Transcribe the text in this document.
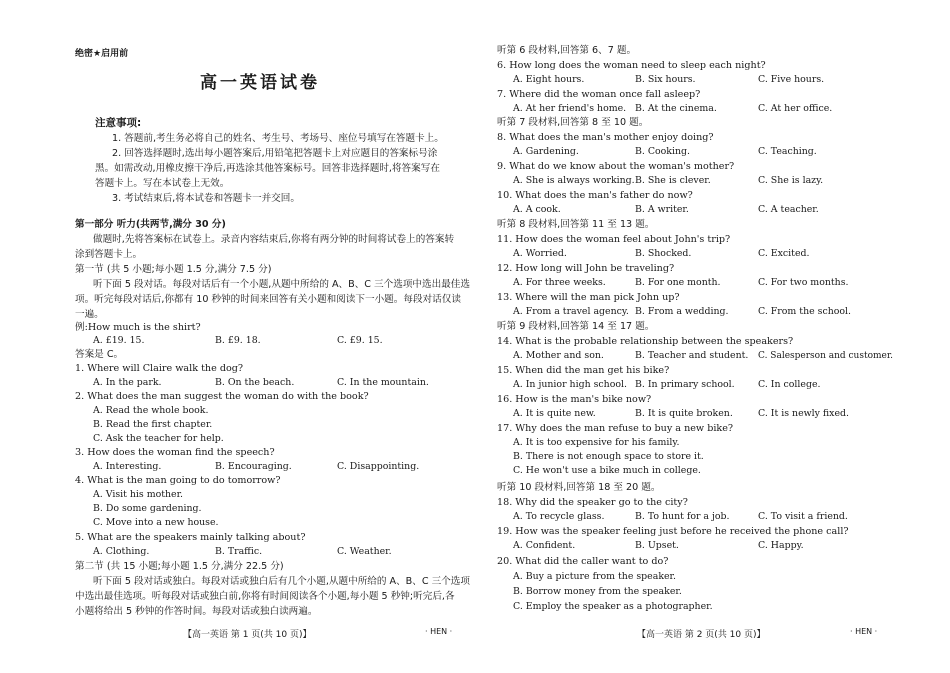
绝密★启用前
高一英语试卷
注意事项:
1. 答题前,考生务必将自己的姓名、考生号、考场号、座位号填写在答题卡上。
2. 回答选择题时,选出每小题答案后,用铅笔把答题卡上对应题目的答案标号涂
黑。如需改动,用橡皮擦干净后,再选涂其他答案标号。回答非选择题时,将答案写在
答题卡上。写在本试卷上无效。
3. 考试结束后,将本试卷和答题卡一并交回。
第一部分 听力(共两节,满分 30 分)
做题时,先将答案标在试卷上。录音内容结束后,你将有两分钟的时间将试卷上的答案转
涂到答题卡上。
第一节 (共 5 小题;每小题 1.5 分,满分 7.5 分)
听下面 5 段对话。每段对话后有一个小题,从题中所给的 A、B、C 三个选项中选出最佳选
项。听完每段对话后,你都有 10 秒钟的时间来回答有关小题和阅读下一小题。每段对话仅读
一遍。
例:How much is the shirt?
A. £19. 15.	B. £9. 18.	C. £9. 15.
答案是 C。
1. Where will Claire walk the dog?
A. In the park.	B. On the beach.	C. In the mountain.
2. What does the man suggest the woman do with the book?
A. Read the whole book.
B. Read the first chapter.
C. Ask the teacher for help.
3. How does the woman find the speech?
A. Interesting.	B. Encouraging.	C. Disappointing.
4. What is the man going to do tomorrow?
A. Visit his mother.
B. Do some gardening.
C. Move into a new house.
5. What are the speakers mainly talking about?
A. Clothing.	B. Traffic.	C. Weather.
第二节 (共 15 小题;每小题 1.5 分,满分 22.5 分)
听下面 5 段对话或独白。每段对话或独白后有几个小题,从题中所给的 A、B、C 三个选项
中选出最佳选项。听每段对话或独白前,你将有时间阅读各个小题,每小题 5 秒钟;听完后,各
小题将给出 5 秒钟的作答时间。每段对话或独白读两遍。
【高一英语 第 1 页(共 10 页)】	· HEN ·
听第 6 段材料,回答第 6、7 题。
6. How long does the woman need to sleep each night?
A. Eight hours.	B. Six hours.	C. Five hours.
7. Where did the woman once fall asleep?
A. At her friend's home. B. At the cinema.	C. At her office.
听第 7 段材料,回答第 8 至 10 题。
8. What does the man's mother enjoy doing?
A. Gardening.	B. Cooking.	C. Teaching.
9. What do we know about the woman's mother?
A. She is always working. B. She is clever.	C. She is lazy.
10. What does the man's father do now?
A. A cook.	B. A writer.	C. A teacher.
听第 8 段材料,回答第 11 至 13 题。
11. How does the woman feel about John's trip?
A. Worried.	B. Shocked.	C. Excited.
12. How long will John be traveling?
A. For three weeks.	B. For one month.	C. For two months.
13. Where will the man pick John up?
A. From a travel agency. B. From a wedding.	C. From the school.
听第 9 段材料,回答第 14 至 17 题。
14. What is the probable relationship between the speakers?
A. Mother and son.	B. Teacher and student. C. Salesperson and customer.
15. When did the man get his bike?
A. In junior high school. B. In primary school. C. In college.
16. How is the man's bike now?
A. It is quite new.	B. It is quite broken.	C. It is newly fixed.
17. Why does the man refuse to buy a new bike?
A. It is too expensive for his family.
B. There is not enough space to store it.
C. He won't use a bike much in college.
听第 10 段材料,回答第 18 至 20 题。
18. Why did the speaker go to the city?
A. To recycle glass.	B. To hunt for a job.	C. To visit a friend.
19. How was the speaker feeling just before he received the phone call?
A. Confident.	B. Upset.	C. Happy.
20. What did the caller want to do?
A. Buy a picture from the speaker.
B. Borrow money from the speaker.
C. Employ the speaker as a photographer.
【高一英语 第 2 页(共 10 页)】	· HEN ·
